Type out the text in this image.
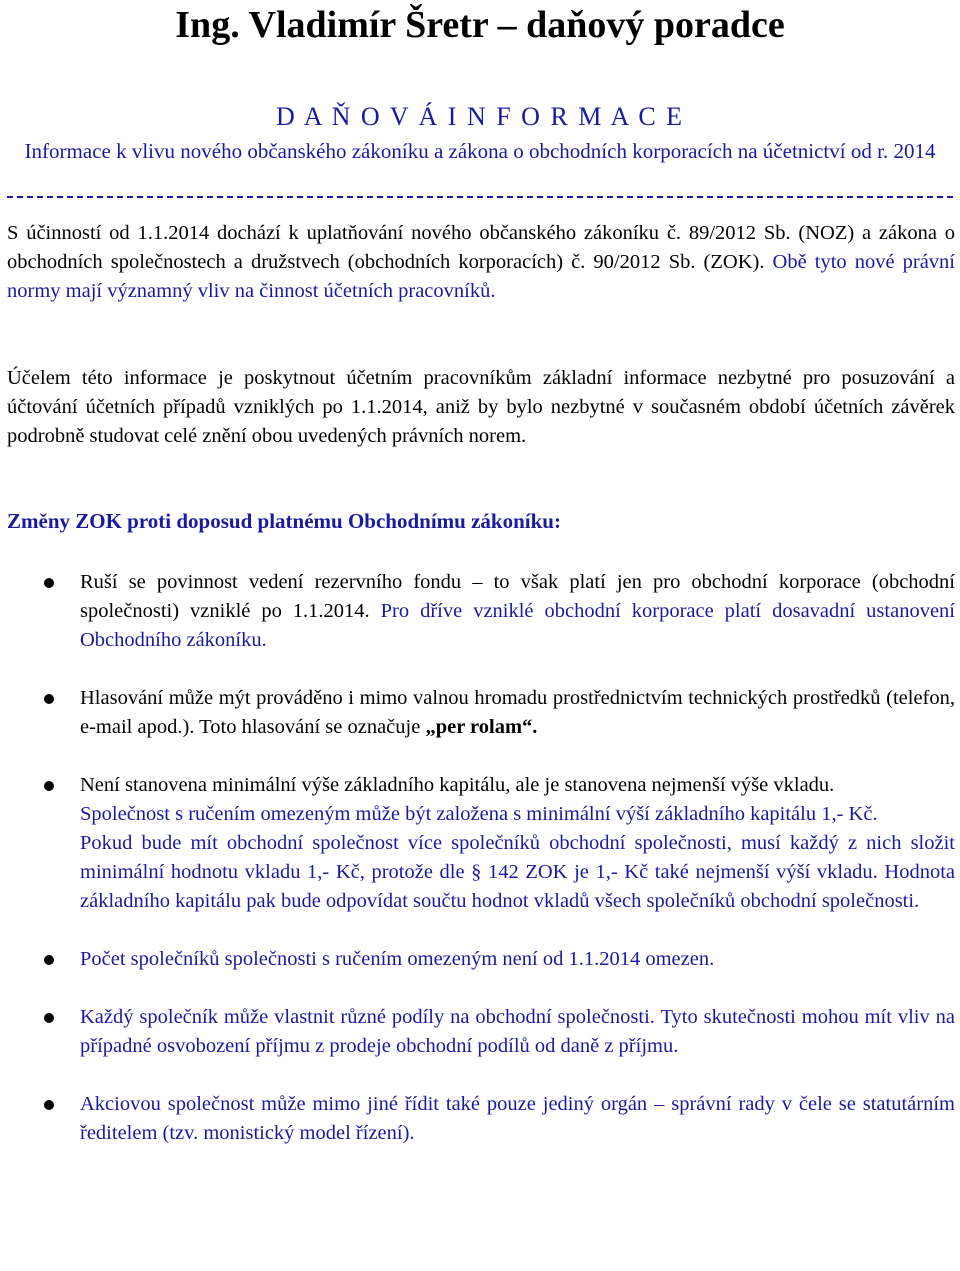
Ing. Vladimír Šretr – daňový poradce
D A Ň O V Á I N F O R M A C E
Informace k vlivu nového občanského zákoníku a zákona o obchodních korporacích na účetnictví od r. 2014
S účinností od 1.1.2014 dochází k uplatňování nového občanského zákoníku č. 89/2012 Sb. (NOZ) a zákona o obchodních společnostech a družstvech (obchodních korporacích) č. 90/2012 Sb. (ZOK). Obě tyto nové právní normy mají významný vliv na činnost účetních pracovníků.
Účelem této informace je poskytnout účetním pracovníkům základní informace nezbytné pro posuzování a účtování účetních případů vzniklých po 1.1.2014, aniž by bylo nezbytné v současném období účetních závěrek podrobně studovat celé znění obou uvedených právních norem.
Změny ZOK proti doposud platnému Obchodnímu zákoníku:

Ruší se povinnost vedení rezervního fondu – to však platí jen pro obchodní korporace (obchodní společnosti) vzniklé po 1.1.2014. Pro dříve vzniklé obchodní korporace platí dosavadní ustanovení Obchodního zákoníku.

Hlasování může mýt prováděno i mimo valnou hromadu prostřednictvím technických prostředků (telefon, e-mail apod.). Toto hlasování se označuje „per rolam“.

Není stanovena minimální výše základního kapitálu, ale je stanovena nejmenší výše vkladu.

Společnost s ručením omezeným může být založena s minimální výší základního kapitálu 1,- Kč.

Pokud bude mít obchodní společnost více společníků obchodní společnosti, musí každý z nich složit minimální hodnotu vkladu 1,- Kč, protože dle § 142 ZOK je 1,- Kč také nejmenší výší vkladu. Hodnota základního kapitálu pak bude odpovídat součtu hodnot vkladů všech společníků obchodní společnosti.

Počet společníků společnosti s ručením omezeným není od 1.1.2014 omezen.

Každý společník může vlastnit různé podíly na obchodní společnosti. Tyto skutečnosti mohou mít vliv na případné osvobození příjmu z prodeje obchodní podílů od daně z příjmu.

Akciovou společnost může mimo jiné řídit také pouze jediný orgán – správní rady v čele se statutárním ředitelem (tzv. monistický model řízení).
